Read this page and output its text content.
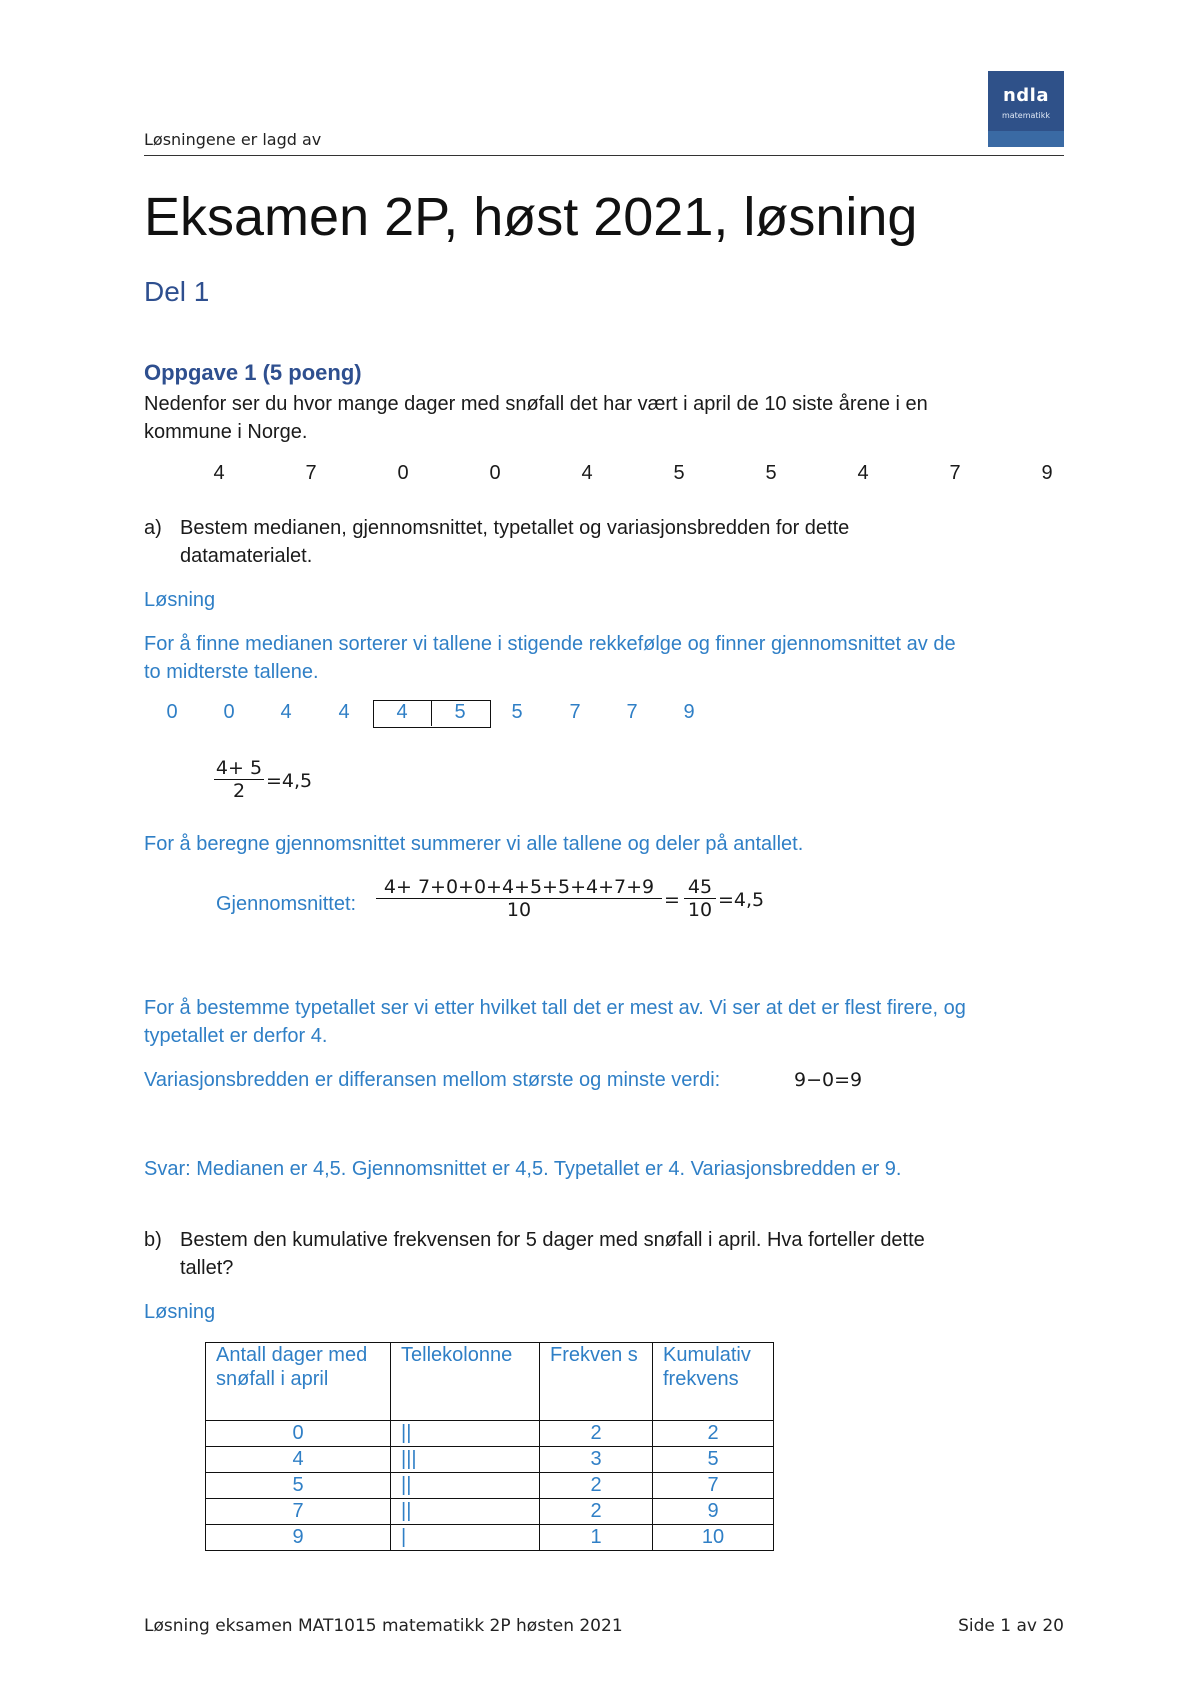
Løsningene er lagd av
ndla
matematikk
Eksamen 2P, høst 2021, løsning
Del 1
Oppgave 1 (5 poeng)
Nedenfor ser du hvor mange dager med snøfall det har vært i april de 10 siste årene i en
kommune i Norge.
4	7	0	0	4	5	5	4	7	9
a) Bestem medianen, gjennomsnittet, typetallet og variasjonsbredden for dette
datamaterialet.
Løsning
For å finne medianen sorterer vi tallene i stigende rekkefølge og finner gjennomsnittet av de
to midterste tallene.
0	0	4	4	4	5	5	7	7	9
4+ 5
2	=4,5
For å beregne gjennomsnittet summerer vi alle tallene og deler på antallet.
Gjennomsnittet:
4+ 7+0+0+4+5+5+4+7+9
10	=
45
10 =4,5
For å bestemme typetallet ser vi etter hvilket tall det er mest av. Vi ser at det er flest firere, og
typetallet er derfor 4.
Variasjonsbredden er differansen mellom største og minste verdi:	9−0=9
Svar: Medianen er 4,5. Gjennomsnittet er 4,5. Typetallet er 4. Variasjonsbredden er 9.
b) Bestem den kumulative frekvensen for 5 dager med snøfall i april. Hva forteller dette
tallet?
Løsning
Antall dager med snøfall i april	Tellekolonne	Frekven s	Kumulativ frekvens
0	||	2	2
4	|||	3	5
5	||	2	7
7	||	2	9
9	|	1	10
Løsning eksamen MAT1015 matematikk 2P høsten 2021	Side 1 av 20
